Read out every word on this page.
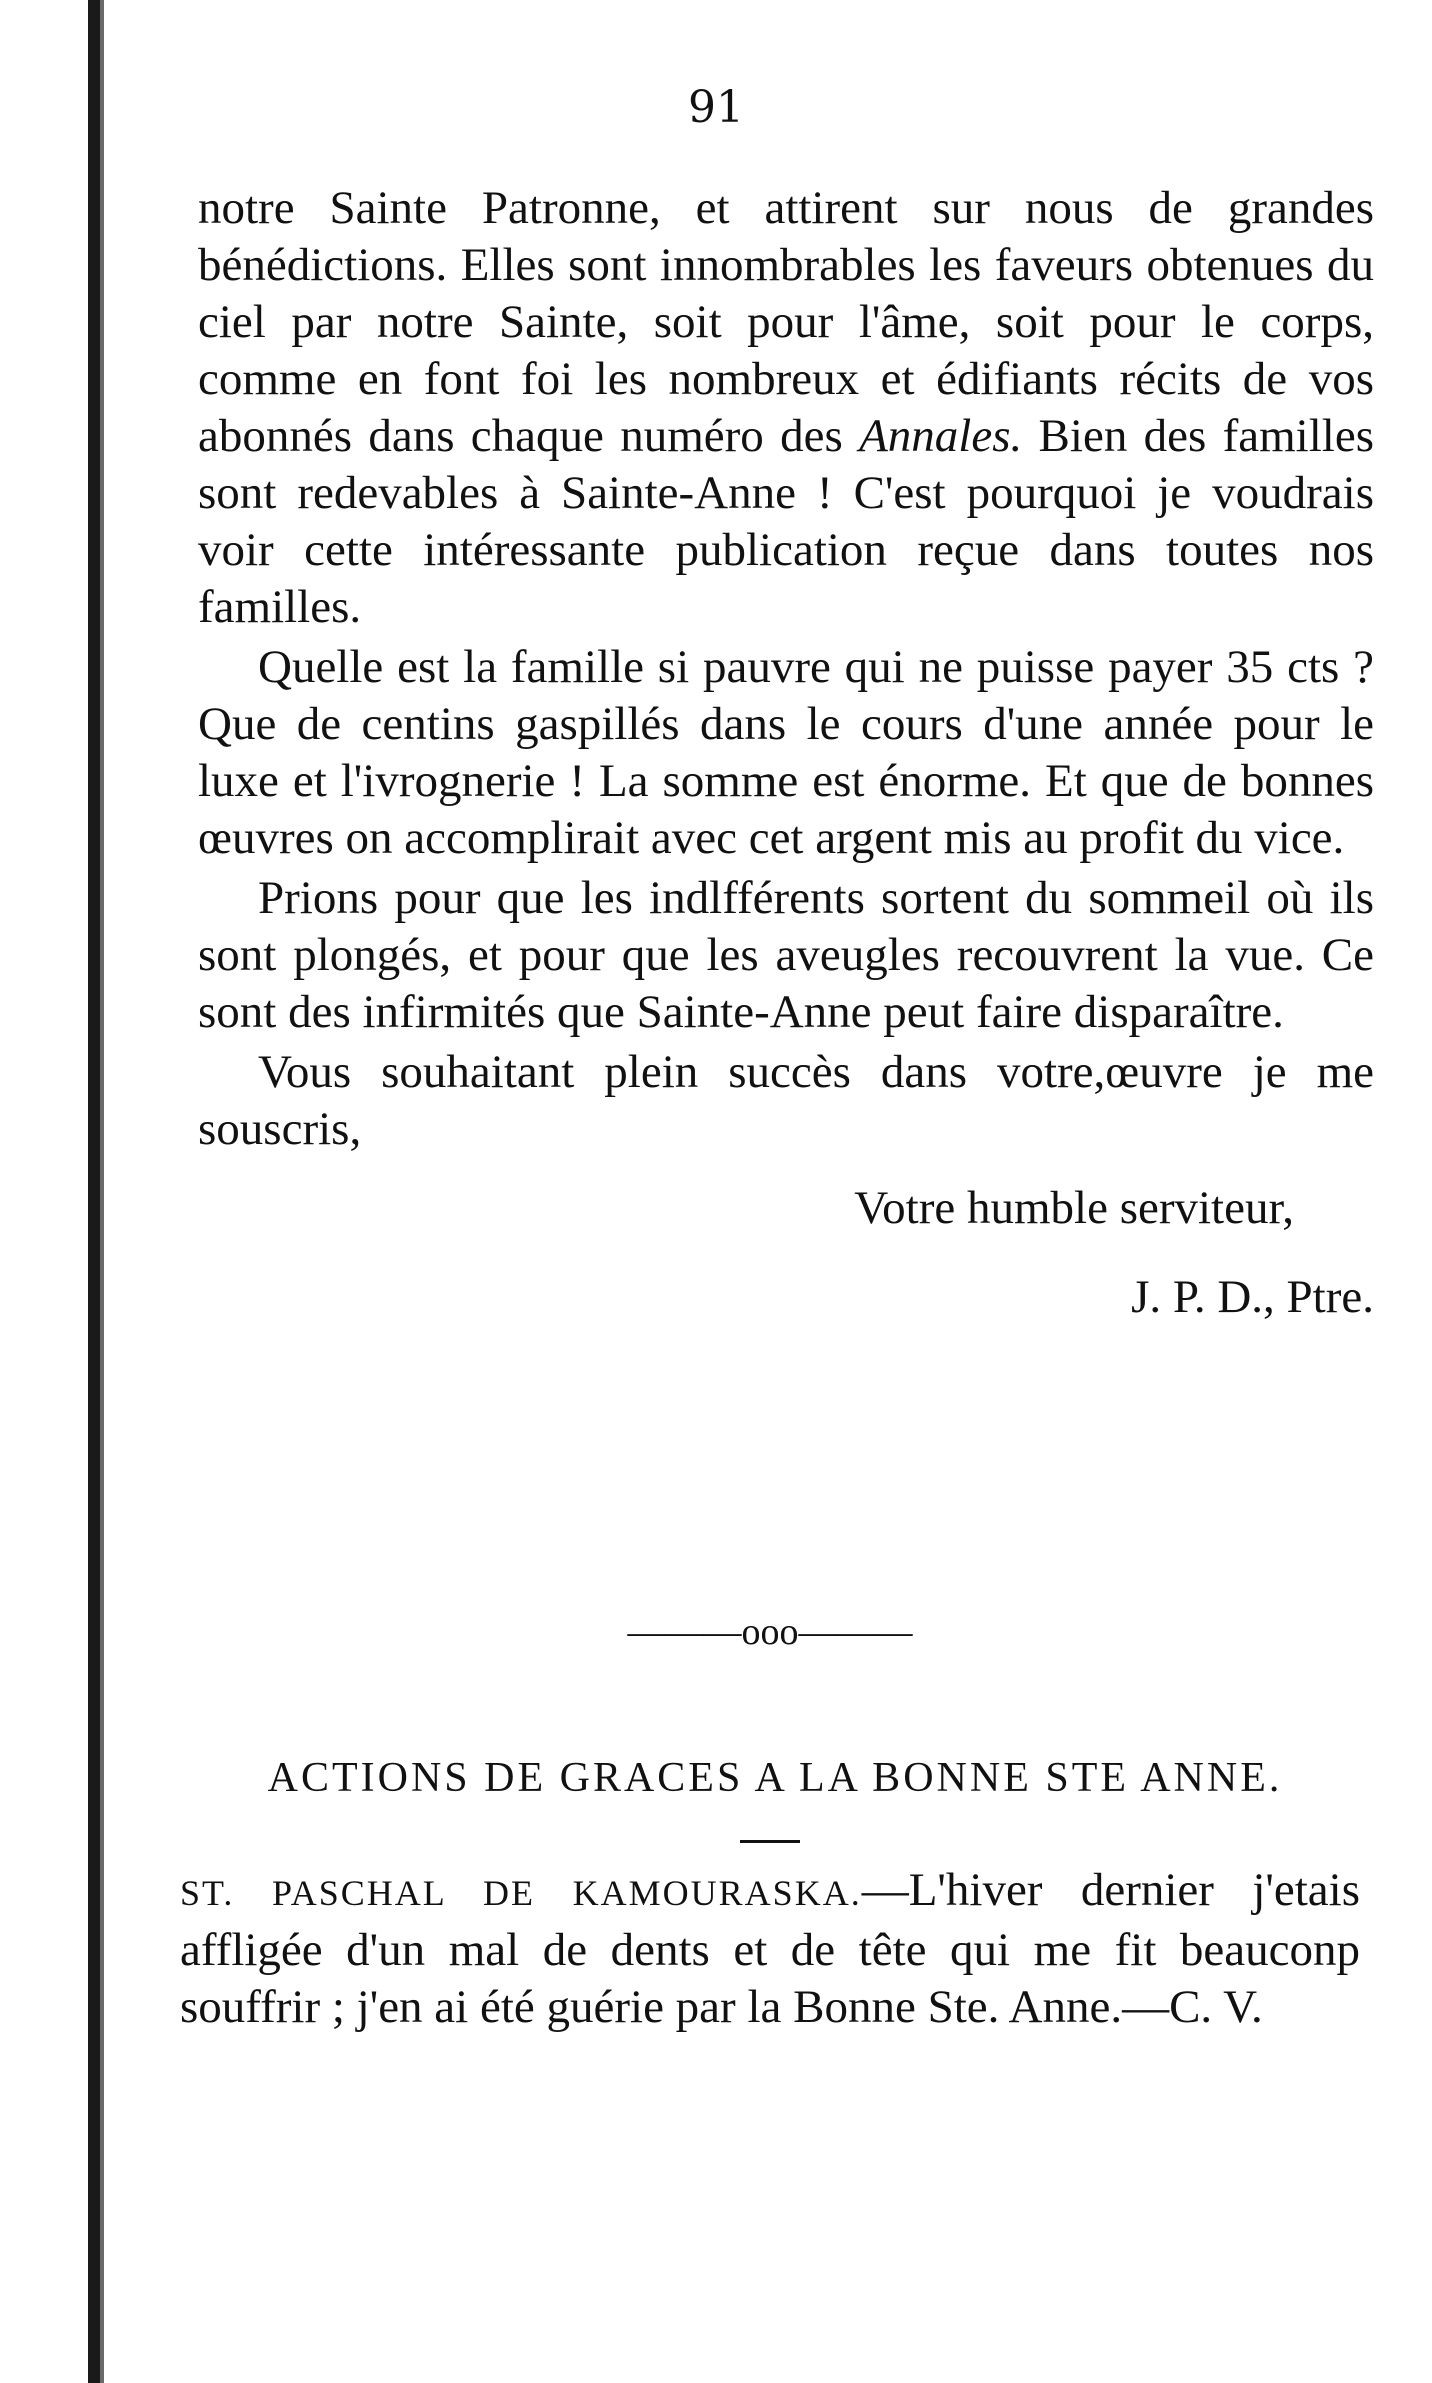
91

notre Sainte Patronne, et attirent sur nous de grandes bénédictions. Elles sont innombrables les faveurs obtenues du ciel par notre Sainte, soit pour l'âme, soit pour le corps, comme en font foi les nombreux et édifiants récits de vos abonnés dans chaque numéro des Annales. Bien des familles sont redevables à Sainte-Anne ! C'est pourquoi je voudrais voir cette intéressante publication reçue dans toutes nos familles.

Quelle est la famille si pauvre qui ne puisse payer 35 cts ? Que de centins gaspillés dans le cours d'une année pour le luxe et l'ivrognerie ! La somme est énorme. Et que de bonnes œuvres on accomplirait avec cet argent mis au profit du vice.

Prions pour que les indlfférents sortent du sommeil où ils sont plongés, et pour que les aveugles recouvrent la vue. Ce sont des infirmités que Sainte-Anne peut faire disparaître.

Vous souhaitant plein succès dans votre,œuvre je me souscris,

Votre humble serviteur,

J. P. D., Ptre.

———ooo———
ACTIONS DE GRACES A LA BONNE STE ANNE.
ST. PASCHAL DE KAMOURASKA.—L'hiver dernier j'etais affligée d'un mal de dents et de tête qui me fit beauconp souffrir ; j'en ai été guérie par la Bonne Ste. Anne.—C. V.
